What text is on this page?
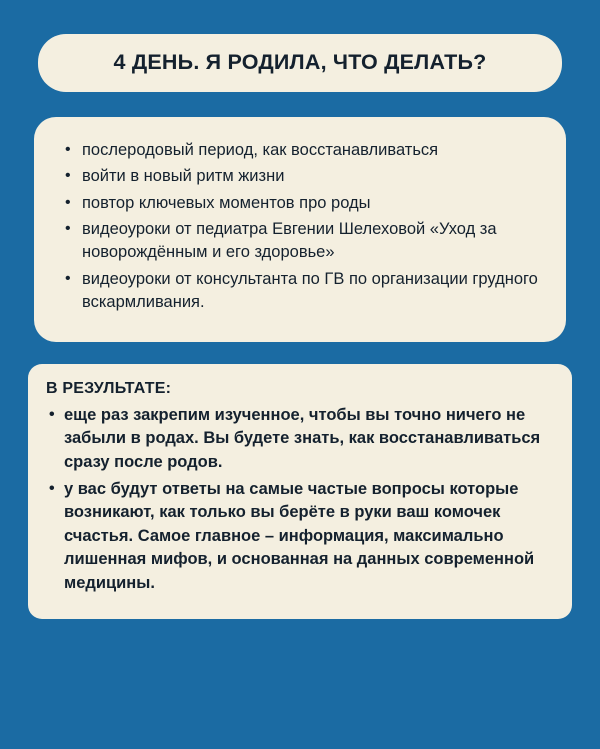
4 ДЕНЬ. Я РОДИЛА, ЧТО ДЕЛАТЬ?
• послеродовый период, как восстанавливаться
• войти в новый ритм жизни
• повтор ключевых моментов про роды
• видеоуроки от педиатра Евгении Шелеховой «Уход за новорождённым и его здоровье»
• видеоуроки от консультанта по ГВ по организации грудного вскармливания.
В РЕЗУЛЬТАТЕ:
• еще раз закрепим изученное, чтобы вы точно ничего не забыли в родах. Вы будете знать, как восстанавливаться сразу после родов.
• у вас будут ответы на самые частые вопросы которые возникают, как только вы берёте в руки ваш комочек счастья. Самое главное – информация, максимально лишенная мифов, и основанная на данных современной медицины.
